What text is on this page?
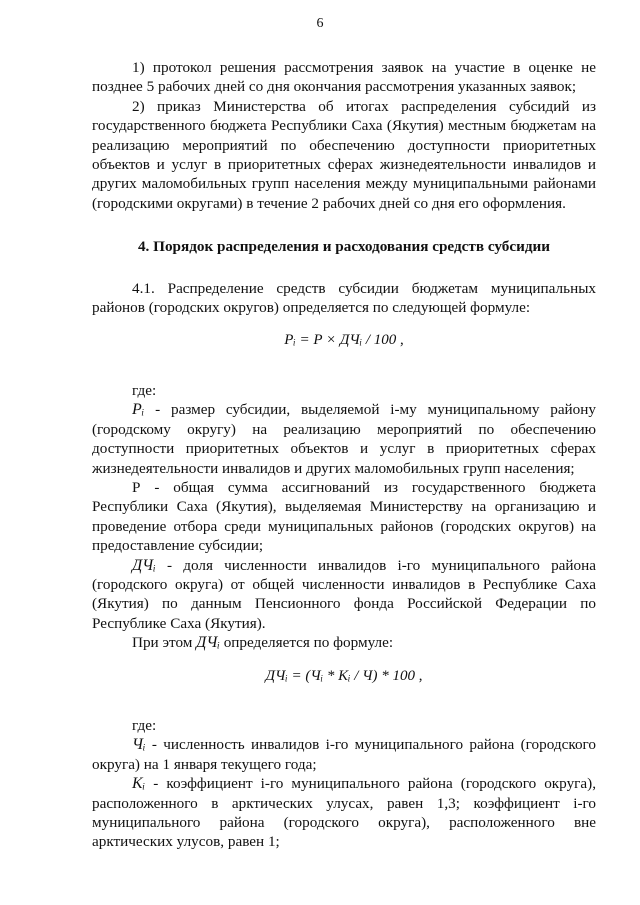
6

1) протокол решения рассмотрения заявок на участие в оценке не позднее 5 рабочих дней со дня окончания рассмотрения указанных заявок;

2) приказ Министерства об итогах распределения субсидий из государственного бюджета Республики Саха (Якутия) местным бюджетам на реализацию мероприятий по обеспечению доступности приоритетных объектов и услуг в приоритетных сферах жизнедеятельности инвалидов и других маломобильных групп населения между муниципальными районами (городскими округами) в течение 2 рабочих дней со дня его оформления.

4. Порядок распределения и расходования средств субсидии

4.1. Распределение средств субсидии бюджетам муниципальных районов (городских округов) определяется по следующей формуле:

Pᵢ = P × ДЧᵢ / 100 ,

где:

Pᵢ - размер субсидии, выделяемой i-му муниципальному району (городскому округу) на реализацию мероприятий по обеспечению доступности приоритетных объектов и услуг в приоритетных сферах жизнедеятельности инвалидов и других маломобильных групп населения;

Р - общая сумма ассигнований из государственного бюджета Республики Саха (Якутия), выделяемая Министерству на организацию и проведение отбора среди муниципальных районов (городских округов) на предоставление субсидии;

ДЧᵢ - доля численности инвалидов i-го муниципального района (городского округа) от общей численности инвалидов в Республике Саха (Якутия) по данным Пенсионного фонда Российской Федерации по Республике Саха (Якутия).

При этом ДЧᵢ определяется по формуле:

ДЧᵢ = (Чᵢ * Kᵢ / Ч) * 100 ,

где:

Чᵢ - численность инвалидов i-го муниципального района (городского округа) на 1 января текущего года;

Kᵢ - коэффициент i-го муниципального района (городского округа), расположенного в арктических улусах, равен 1,3; коэффициент i-го муниципального района (городского округа), расположенного вне арктических улусов, равен 1;
